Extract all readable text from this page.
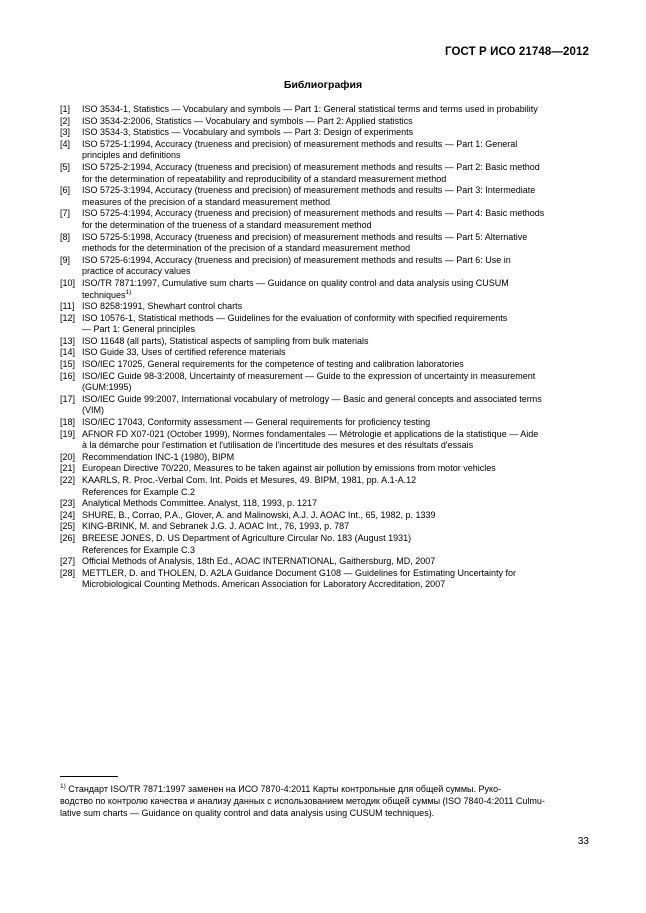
ГОСТ Р ИСО 21748—2012
Библиография
[1]	ISO 3534-1, Statistics — Vocabulary and symbols — Part 1: General statistical terms and terms used in probability
[2]	ISO 3534-2:2006, Statistics — Vocabulary and symbols — Part 2: Applied statistics
[3]	ISO 3534-3, Statistics — Vocabulary and symbols — Part 3: Design of experiments
[4]	ISO 5725-1:1994, Accuracy (trueness and precision) of measurement methods and results — Part 1: General
principles and definitions
[5]	ISO 5725-2:1994, Accuracy (trueness and precision) of measurement methods and results — Part 2: Basic method
for the determination of repeatability and reproducibility of a standard measurement method
[6]	ISO 5725-3:1994, Accuracy (trueness and precision) of measurement methods and results — Part 3: Intermediate
measures of the precision of a standard measurement method
[7]	ISO 5725-4:1994, Accuracy (trueness and precision) of measurement methods and results — Part 4: Basic methods
for the determination of the trueness of a standard measurement method
[8]	ISO 5725-5:1998, Accuracy (trueness and precision) of measurement methods and results — Part 5: Alternative
methods for the determination of the precision of a standard measurement method
[9]	ISO 5725-6:1994, Accuracy (trueness and precision) of measurement methods and results — Part 6: Use in
practice of accuracy values
[10] ISO/TR 7871:1997, Cumulative sum charts — Guidance on quality control and data analysis using CUSUM
techniques$^{1)}$
[11] ISO 8258:1991, Shewhart control charts
[12] ISO 10576-1, Statistical methods — Guidelines for the evaluation of conformity with specified requirements
— Part 1: General principles
[13] ISO 11648 (all parts), Statistical aspects of sampling from bulk materials
[14] ISO Guide 33, Uses of certified reference materials
[15] ISO/IEC 17025, General requirements for the competence of testing and calibration laboratories
[16] ISO/IEC Guide 98-3:2008, Uncertainty of measurement — Guide to the expression of uncertainty in measurement
(GUM:1995)
[17] ISO/IEC Guide 99:2007, International vocabulary of metrology — Basic and general concepts and associated terms
(VIM)
[18] ISO/IEC 17043, Conformity assessment — General requirements for proficiency testing
[19] AFNOR FD X07-021 (October 1999), Normes fondamentales — Métrologie et applications de la statistique — Aide
à la démarche pour l'estimation et l'utilisation de l'incertitude des mesures et des résultats d'essais
[20] Recommendation INC-1 (1980), BIPM
[21] European Directive 70/220, Measures to be taken against air pollution by emissions from motor vehicles
[22] KAARLS, R. Proc.-Verbal Com. Int. Poids et Mesures, 49. BIPM, 1981, pp. A.1-A.12
References for Example C.2
[23] Analytical Methods Committee. Analyst, 118, 1993, p. 1217
[24] SHURE, B., Corrao, P.A., Glover, A. and Malinowski, A.J. J. AOAC Int., 65, 1982, p. 1339
[25] KING-BRINK, M. and Sebranek J.G. J. AOAC Int., 76, 1993, p. 787
[26] BREESE JONES, D. US Department of Agriculture Circular No. 183 (August 1931)
References for Example C.3
[27] Official Methods of Analysis, 18th Ed., AOAC INTERNATIONAL, Gaithersburg, MD, 2007
[28] METTLER, D. and THOLEN, D. A2LA Guidance Document G108 — Guidelines for Estimating Uncertainty for
Microbiological Counting Methods. American Association for Laboratory Accreditation, 2007
$^{1)}$ Стандарт ISO/TR 7871:1997 заменен на ИСО 7870-4:2011 Карты контрольные для общей суммы. Руко-
водство по контролю качества и анализу данных с использованием методик общей суммы (ISO 7840-4:2011 Culmu-
lative sum charts — Guidance on quality control and data analysis using CUSUM techniques).
33
